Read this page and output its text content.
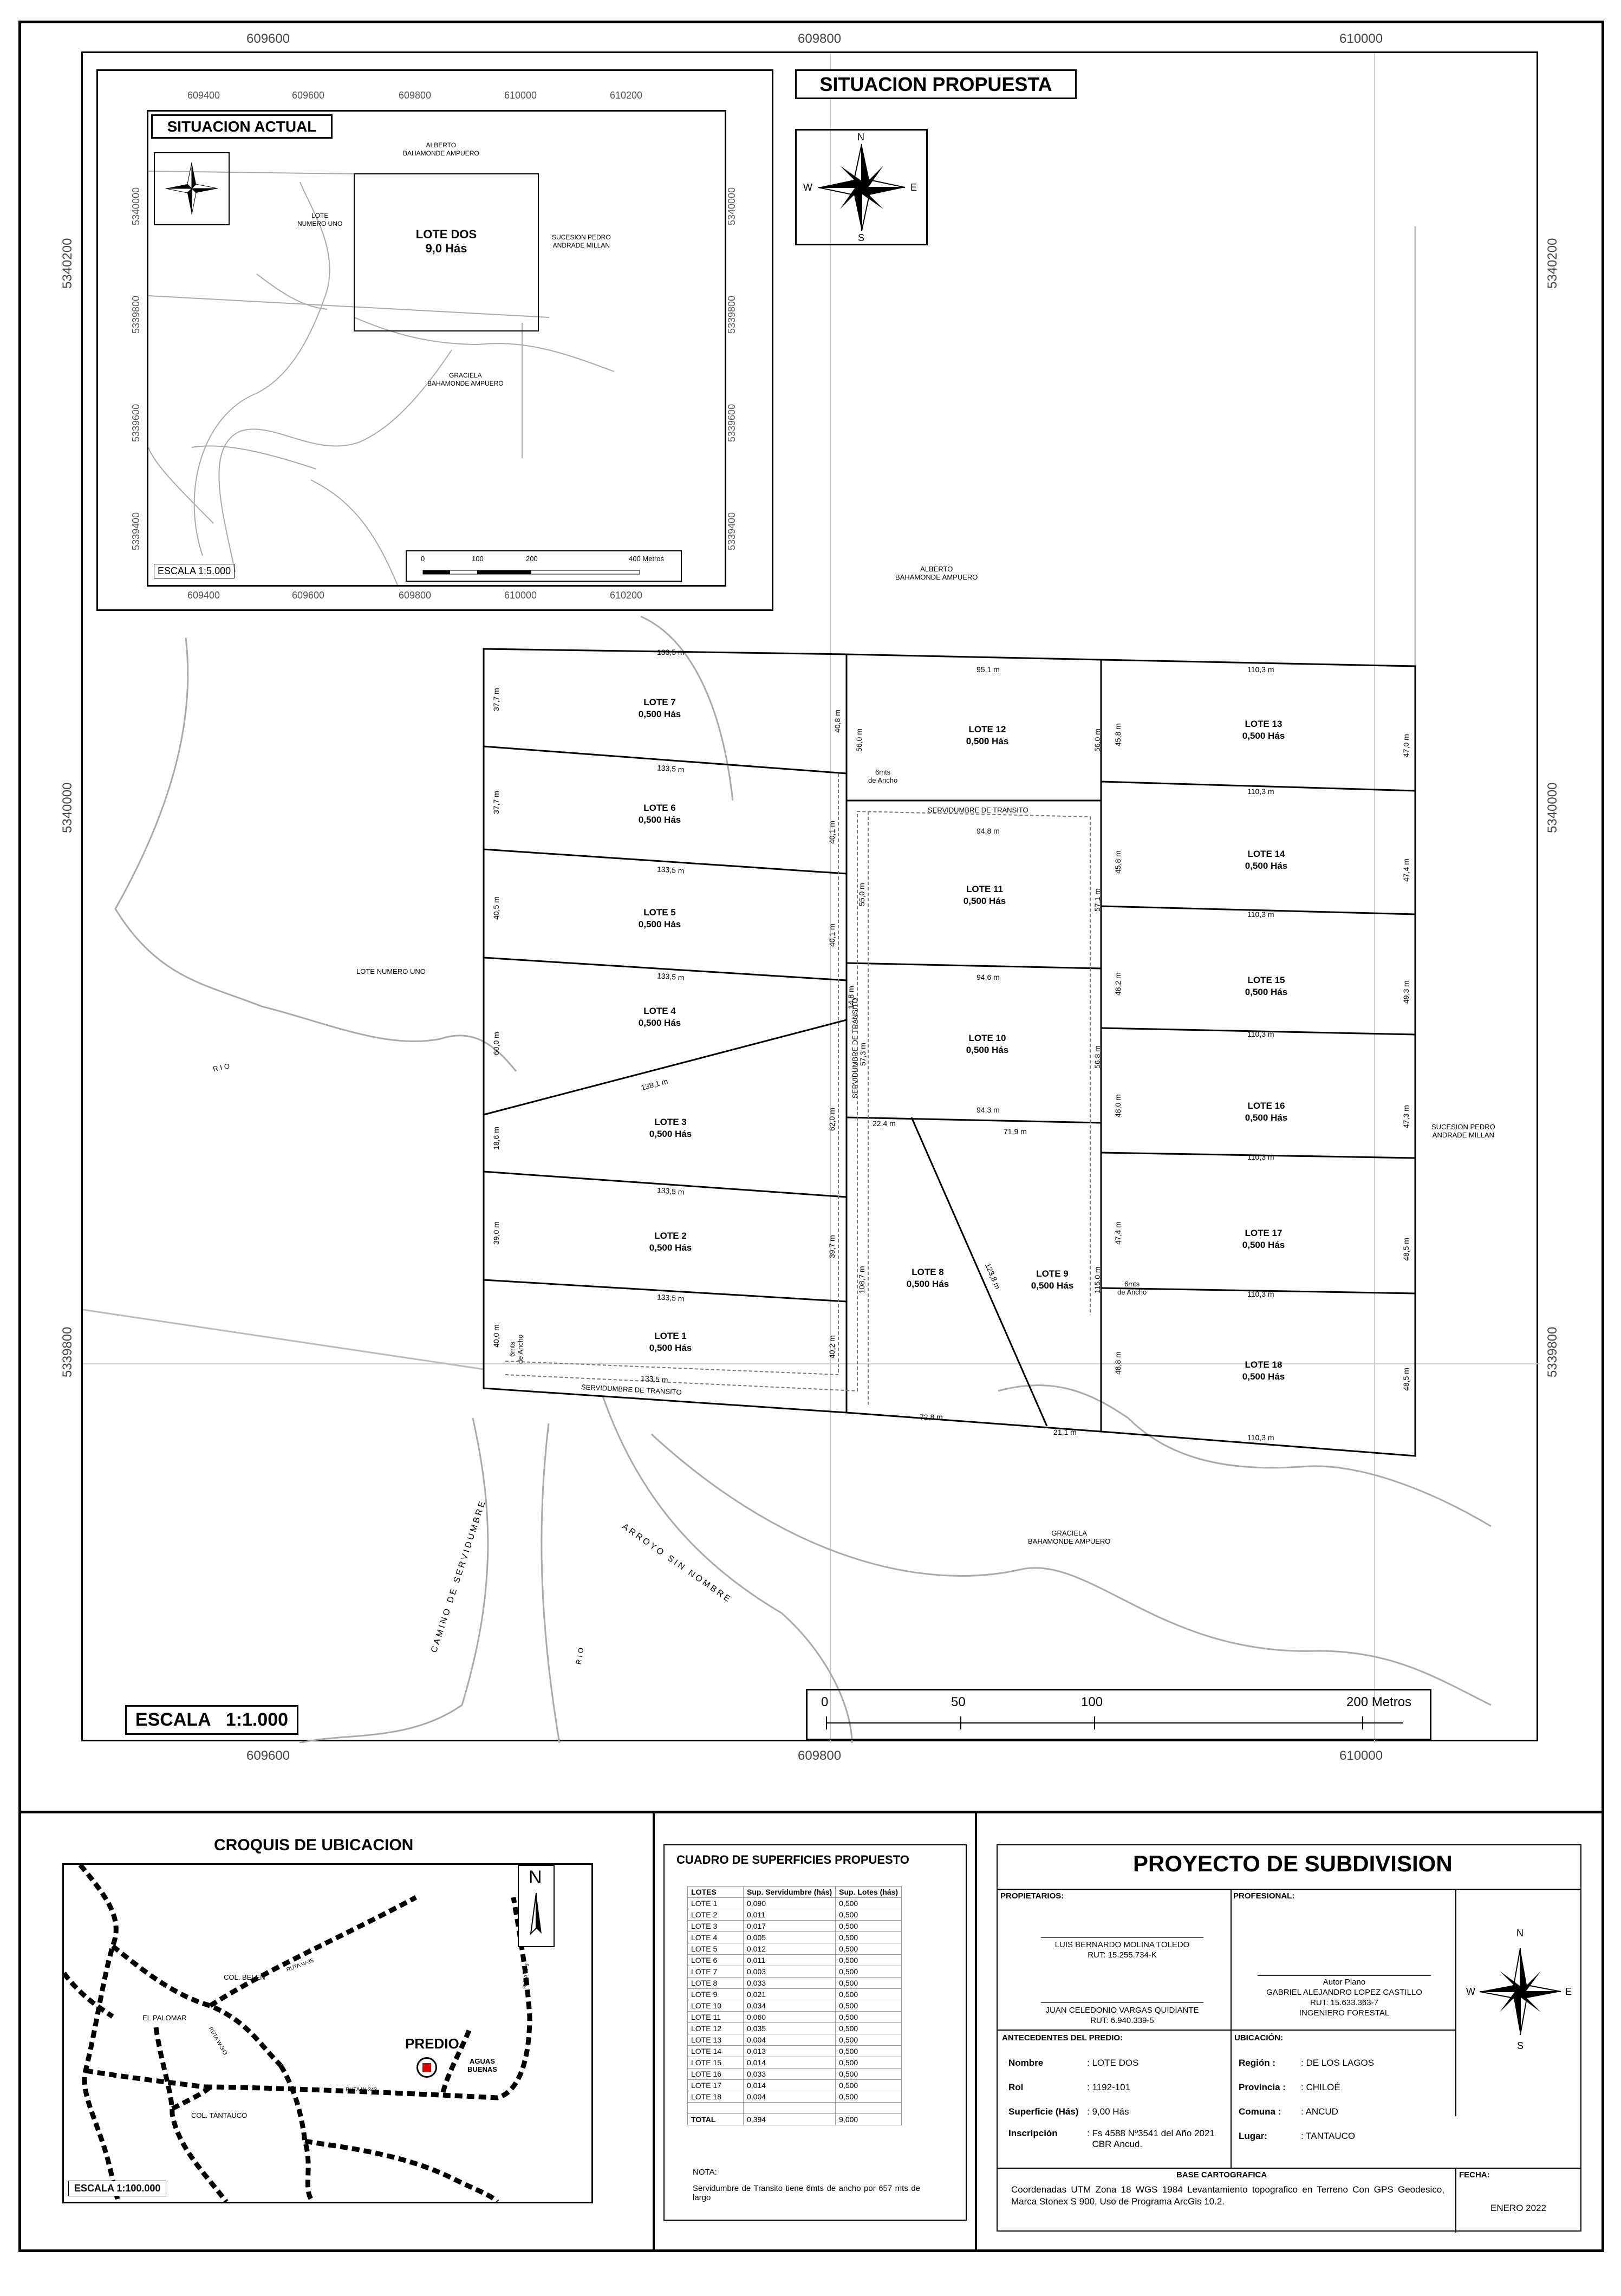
609600	609800	610000
609600	609800	610000
5340200
5340000
5339800
5340200
5340000
5339800
SITUACION PROPUESTA
N
S
E
W
ALBERTO
BAHAMONDE AMPUERO
LOTE NUMERO UNO
SUCESION PEDRO
ANDRADE MILLAN
GRACIELA
BAHAMONDE AMPUERO
RIO
RIO
ARROYO SIN NOMBRE
CAMINO DE SERVIDUMBRE
SERVIDUMBRE DE TRANSITO
SERVIDUMBRE DE TRANSITO
SERVIDUMBRE DE TRANSITO
6mts
de Ancho
6mts
de Ancho
6mts
de Ancho
LOTE 7
0,500 Hás
LOTE 6
0,500 Hás
LOTE 5
0,500 Hás
LOTE 4
0,500 Hás
LOTE 3
0,500 Hás
LOTE 2
0,500 Hás
LOTE 1
0,500 Hás
LOTE 12
0,500 Hás
LOTE 11
0,500 Hás
LOTE 10
0,500 Hás
LOTE 8
0,500 Hás
LOTE 9
0,500 Hás
LOTE 13
0,500 Hás
LOTE 14
0,500 Hás
LOTE 15
0,500 Hás
LOTE 16
0,500 Hás
LOTE 17
0,500 Hás
LOTE 18
0,500 Hás
133,5 m
133,5 m
133,5 m
133,5 m
138,1 m
133,5 m
133,5 m
133,5 m
37,7 m
37,7 m
40,5 m
60,0 m
18,6 m
39,0 m
40,0 m
40,8 m
40,1 m
40,1 m
14,8 m
62,0 m
39,7 m
40,2 m
95,1 m
94,8 m
94,6 m
94,3 m
22,4 m
71,9 m
72,8 m
21,1 m
123,8 m
56,0 m	56,0 m
55,0 m
57,3 m
108,7 m
57,1 m
56,8 m
115,0 m
110,3 m
110,3 m
110,3 m
110,3 m
110,3 m
110,3 m
110,3 m
45,8 m
45,8 m
48,2 m
48,0 m
47,4 m
48,8 m
47,0 m
47,4 m
49,3 m
47,3 m
48,5 m
48,5 m
ESCALA   1:1.000
0	50	100	200 Metros
609400	609600	609800	610000	610200
609400	609600	609800	610000	610200
5340000
5339800
5339600
5339400
5340000
5339800
5339600
5339400
SITUACION ACTUAL
LOTE DOS
9,0 Hás
ALBERTO
BAHAMONDE AMPUERO
LOTE
NUMERO UNO
SUCESION PEDRO
ANDRADE MILLAN
GRACIELA
BAHAMONDE AMPUERO
ESCALA 1:5.000
0	100	200	400 Metros
CROQUIS DE UBICACION
N
PREDIO
COL. BELEN
EL PALOMAR
COL. TANTAUCO
AGUAS
BUENAS
RUTA W-35
RUTA W-343
RUTA W-343
RUTA W-3
ESCALA 1:100.000
CUADRO DE SUPERFICIES PROPUESTO
LOTES	Sup. Servidumbre (hás)	Sup. Lotes (hás)
LOTE 1	0,090	0,500
LOTE 2	0,011	0,500
LOTE 3	0,017	0,500
LOTE 4	0,005	0,500
LOTE 5	0,012	0,500
LOTE 6	0,011	0,500
LOTE 7	0,003	0,500
LOTE 8	0,033	0,500
LOTE 9	0,021	0,500
LOTE 10	0,034	0,500
LOTE 11	0,060	0,500
LOTE 12	0,035	0,500
LOTE 13	0,004	0,500
LOTE 14	0,013	0,500
LOTE 15	0,014	0,500
LOTE 16	0,033	0,500
LOTE 17	0,014	0,500
LOTE 18	0,004	0,500

TOTAL	0,394	9,000
NOTA:
Servidumbre de Transito tiene 6mts de ancho por 657 mts de largo
PROYECTO DE SUBDIVISION
PROPIETARIOS:
LUIS BERNARDO MOLINA TOLEDO
RUT: 15.255.734-K
JUAN CELEDONIO VARGAS QUIDIANTE
RUT: 6.940.339-5
PROFESIONAL:
Autor Plano
GABRIEL ALEJANDRO LOPEZ CASTILLO
RUT: 15.633.363-7
INGENIERO FORESTAL
N
S
E
W
ANTECEDENTES DEL PREDIO:
Nombre	: LOTE DOS
Rol	: 1192-101
Superficie (Hás) : 9,00 Hás
Inscripción	: Fs 4588 Nº3541 del Año 2021
CBR Ancud.
UBICACIÓN:
Región :	: DE LOS LAGOS
Provincia : : CHILOÉ
Comuna : : ANCUD
Lugar:	: TANTAUCO
BASE CARTOGRAFICA
Coordenadas UTM Zona 18 WGS 1984 Levantamiento topografico en Terreno Con GPS Geodesico, Marca Stonex S 900, Uso de Programa ArcGis 10.2.
FECHA:
ENERO 2022
